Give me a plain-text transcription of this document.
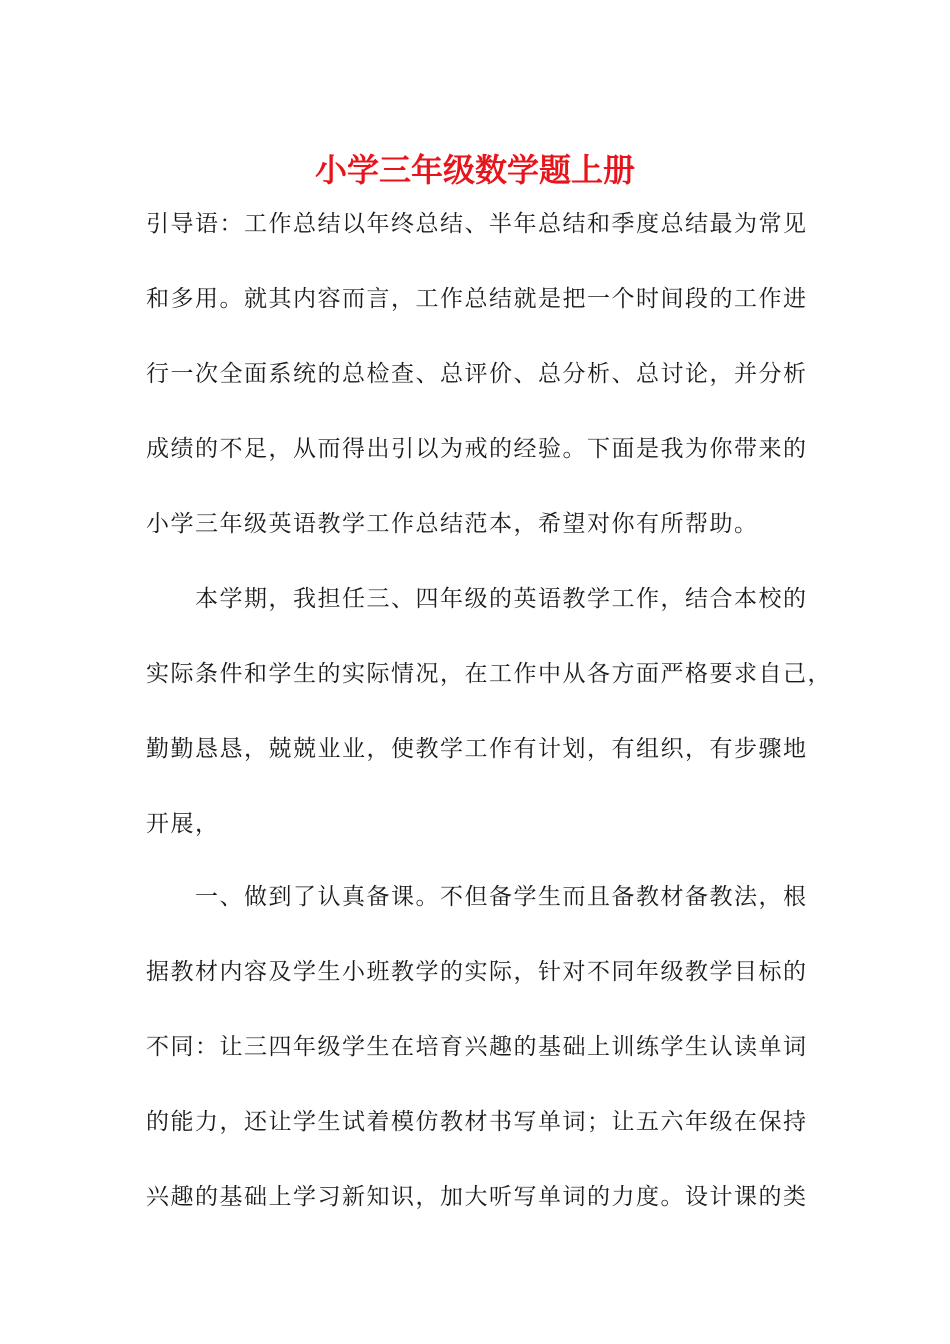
小学三年级数学题上册
引导语：工作总结以年终总结、半年总结和季度总结最为常见
和多用。就其内容而言，工作总结就是把一个时间段的工作进
行一次全面系统的总检查、总评价、总分析、总讨论，并分析
成绩的不足，从而得出引以为戒的经验。下面是我为你带来的
小学三年级英语教学工作总结范本，希望对你有所帮助。
　　本学期，我担任三、四年级的英语教学工作，结合本校的
实际条件和学生的实际情况，在工作中从各方面严格要求自己，
勤勤恳恳，兢兢业业，使教学工作有计划，有组织，有步骤地
开展，
　　一、做到了认真备课。不但备学生而且备教材备教法，根
据教材内容及学生小班教学的实际，针对不同年级教学目标的
不同：让三四年级学生在培育兴趣的基础上训练学生认读单词
的能力，还让学生试着模仿教材书写单词；让五六年级在保持
兴趣的基础上学习新知识，加大听写单词的力度。设计课的类
